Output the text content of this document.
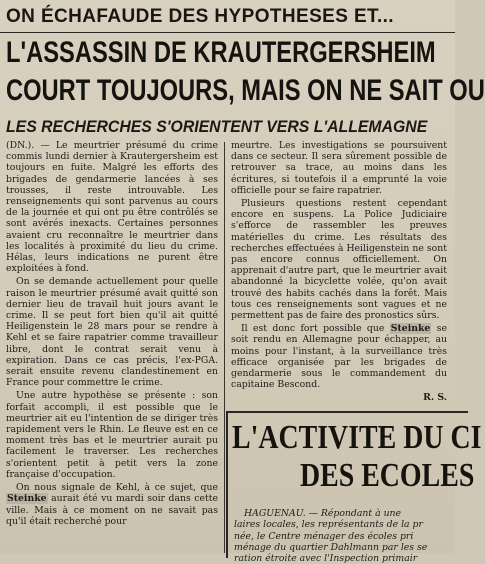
ON ÉCHAFAUDE DES HYPOTHESES ET...
L'ASSASSIN DE KRAUTERGERSHEIM
COURT TOUJOURS, MAIS ON NE SAIT OU
LES RECHERCHES S'ORIENTENT VERS L'ALLEMAGNE

(DN.). — Le meurtrier présumé du crime commis lundi dernier à Krautergersheim est toujours en fuite. Malgré les efforts des brigades de gendarmerie lancées à ses trousses, il reste introuvable. Les renseignements qui sont parvenus au cours de la journée et qui ont pu être contrôlés se sont avérés inexacts. Certaines personnes avaient cru reconnaître le meurtrier dans les localités à proximité du lieu du crime. Hélas, leurs indications ne purent être exploitées à fond.

On se demande actuellement pour quelle raison le meurtrier présumé avait quitté son dernier lieu de travail huit jours avant le crime. Il se peut fort bien qu'il ait quitté Heiligenstein le 28 mars pour se rendre à Kehl et se faire rapatrier comme travailleur libre, dont le contrat serait venu à expiration. Dans ce cas précis, l'ex-PGA. serait ensuite revenu clandestinement en France pour commettre le crime.

Une autre hypothèse se présente : son forfait accompli, il est possible que le meurtrier ait eu l'intention de se diriger très rapidement vers le Rhin. Le fleuve est en ce moment très bas et le meurtrier aurait pu facilement le traverser. Les recherches s'orientent petit à petit vers la zone française d'occupation.

On nous signale de Kehl, à ce sujet, que Steinke aurait été vu mardi soir dans cette ville. Mais à ce moment on ne savait pas qu'il était recherché pour

meurtre. Les investigations se poursuivent dans ce secteur. Il sera sûrement possible de retrouver sa trace, au moins dans les écritures, si toutefois il a emprunté la voie officielle pour se faire rapatrier.

Plusieurs questions restent cependant encore en suspens. La Police Judiciaire s'efforce de rassembler les preuves matérielles du crime. Les résultats des recherches effectuées à Heiligenstein ne sont pas encore connus officiellement. On apprenait d'autre part, que le meurtrier avait abandonné la bicyclette volée, qu'on avait trouvé des habits cachés dans la forêt. Mais tous ces renseignements sont vagues et ne permettent pas de faire des pronostics sûrs.

Il est donc fort possible que Steinke se soit rendu en Allemagne pour échapper, au moins pour l'instant, à la surveillance très efficace organisée par les brigades de gendarmerie sous le commandement du capitaine Bescond.

R. S.
L'ACTIVITE DU CI
DES ECOLES
HAGUENAU. — Répondant à une
laires locales, les représentants de la pr
née, le Centre ménager des écoles pri
ménage du quartier Dahlmann par les se
ration étroite avec l'Inspection primair
